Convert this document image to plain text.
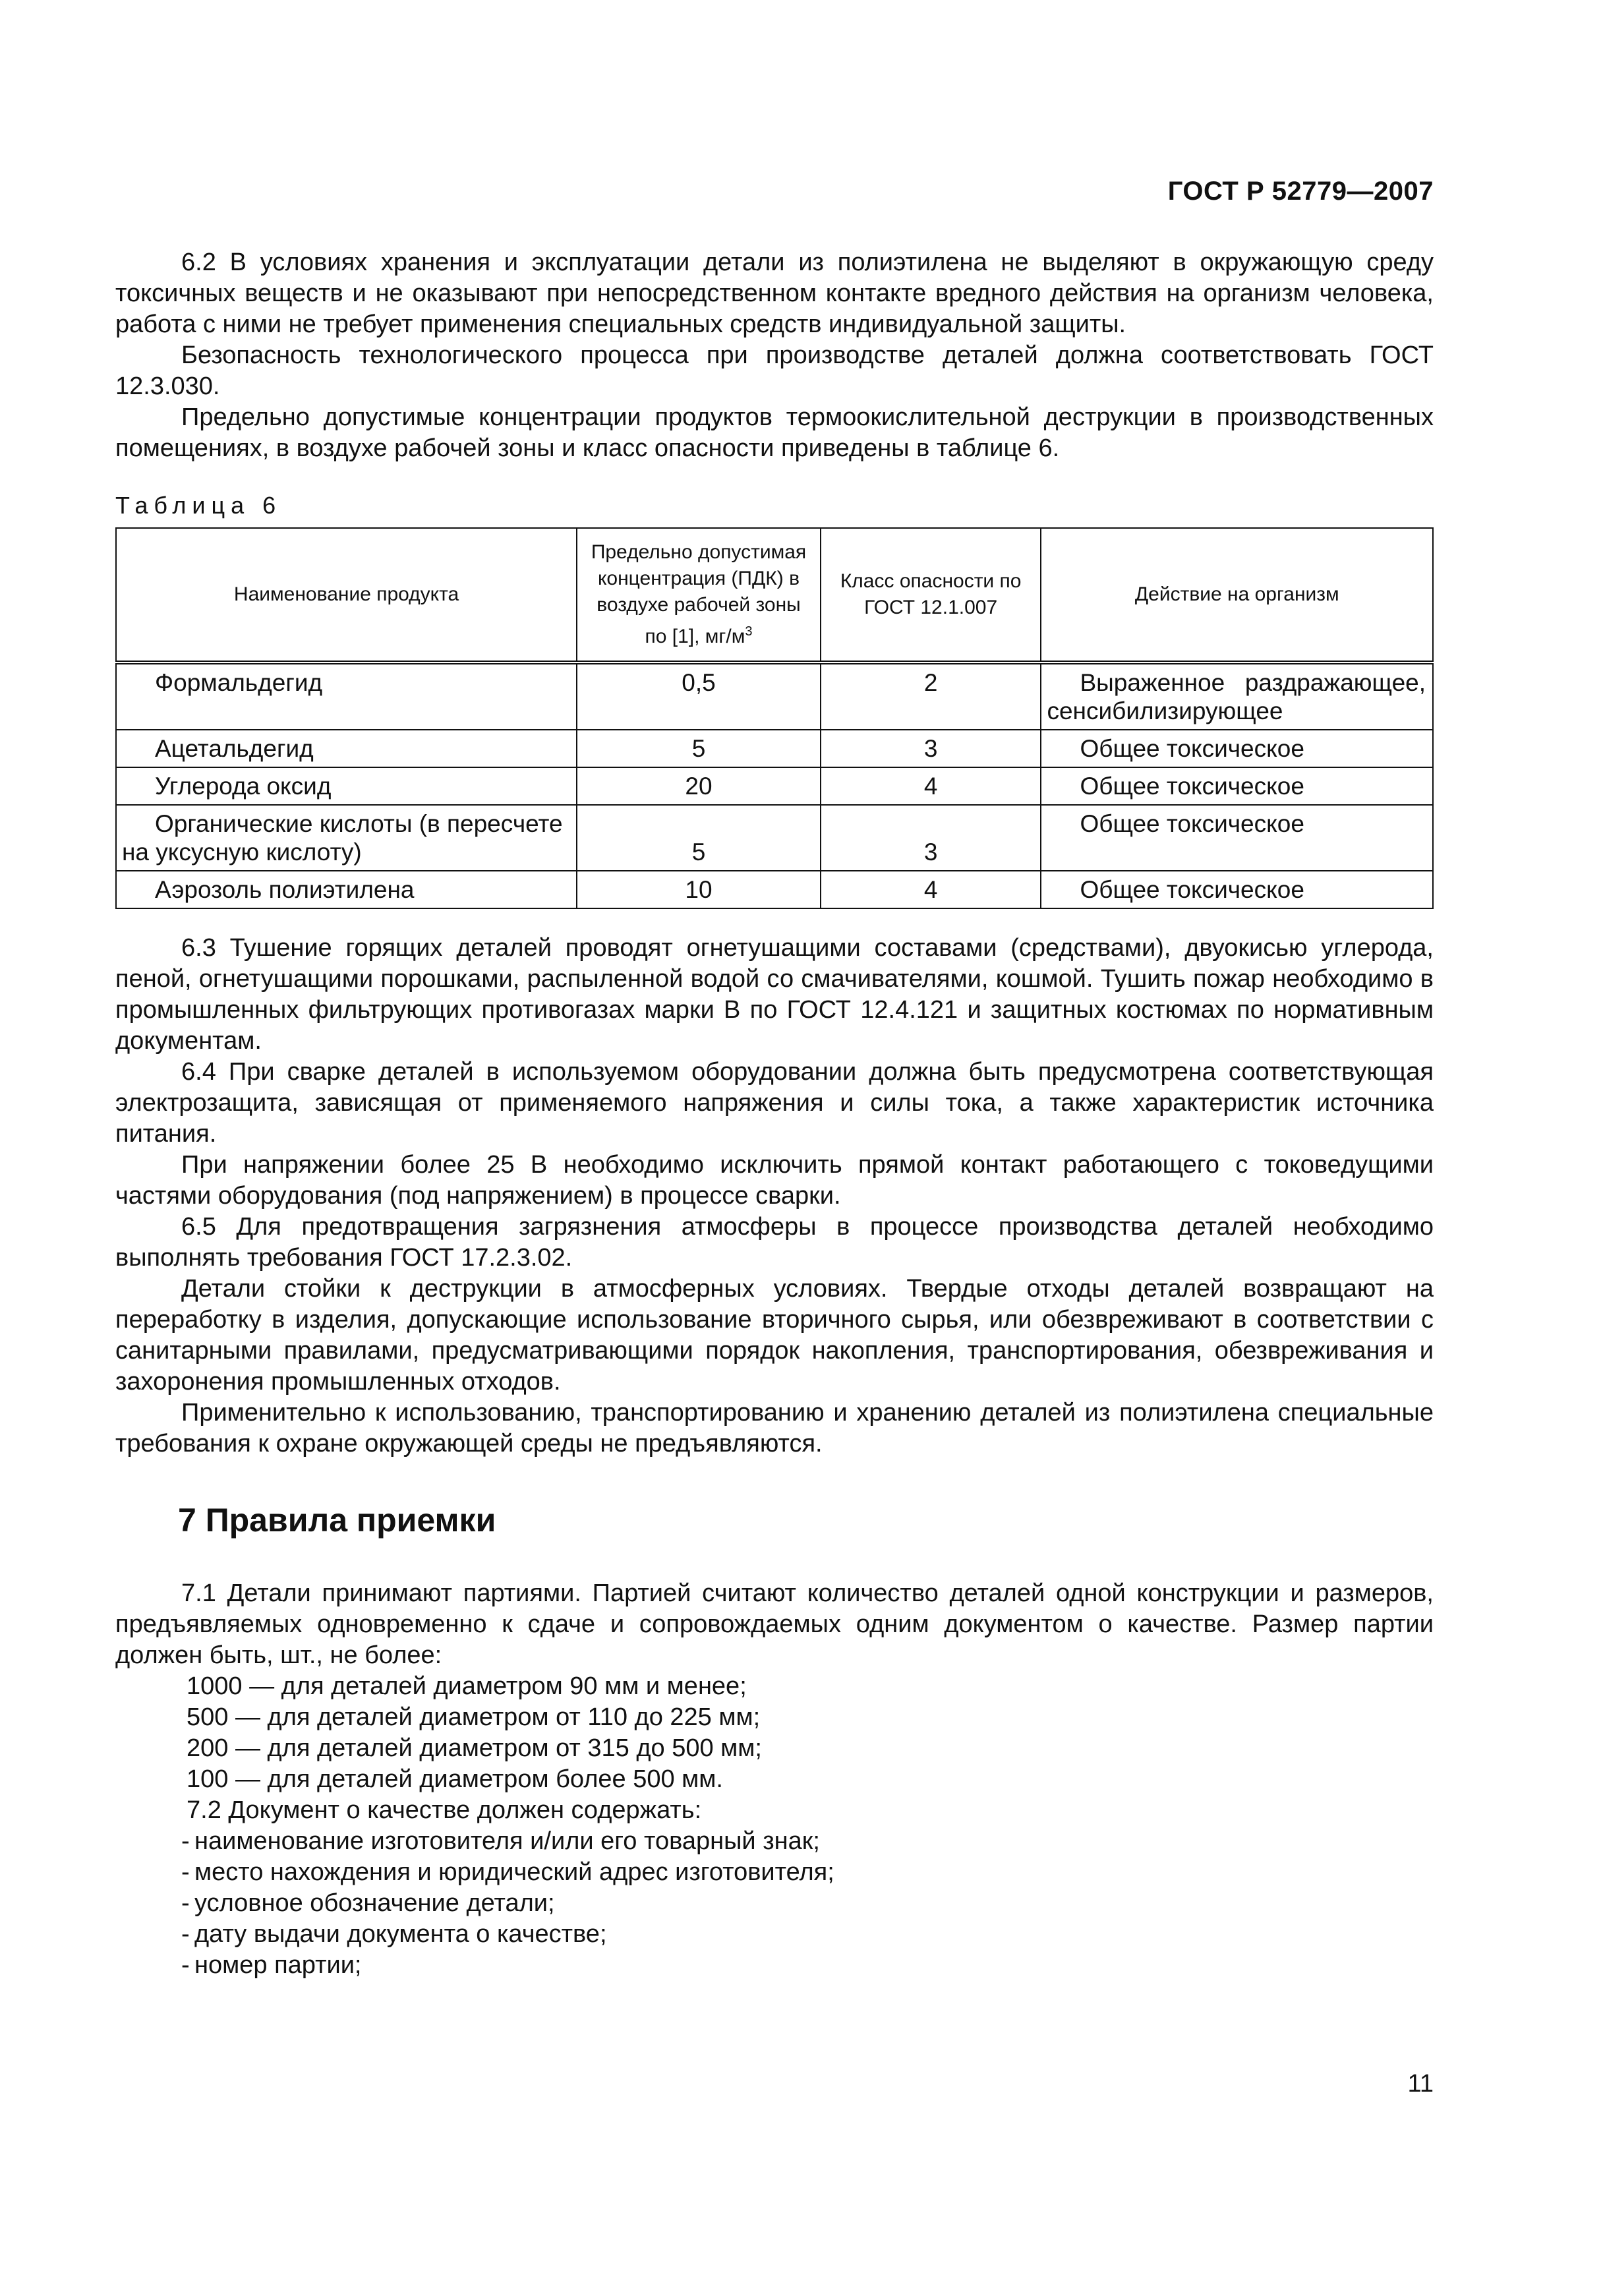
ГОСТ Р 52779—2007

6.2 В условиях хранения и эксплуатации детали из полиэтилена не выделяют в окружающую среду токсичных веществ и не оказывают при непосредственном контакте вредного действия на организм человека, работа с ними не требует применения специальных средств индивидуальной защиты.

Безопасность технологического процесса при производстве деталей должна соответствовать ГОСТ 12.3.030.

Предельно допустимые концентрации продуктов термоокислительной деструкции в производственных помещениях, в воздухе рабочей зоны и класс опасности приведены в таблице 6.

Таблица 6
Наименование продукта	Предельно допустимая концентрация (ПДК) в воздухе рабочей зоны по [1], $мг/м^3$	Класс опасности по ГОСТ 12.1.007	Действие на организм
Формальдегид	0,5	2	Выраженное раздражающее, сенсибилизирующее
Ацетальдегид	5	3	Общее токсическое
Углерода оксид	20	4	Общее токсическое
Органические кислоты (в пересчете на уксусную кислоту)	5	3	Общее токсическое
Аэрозоль полиэтилена	10	4	Общее токсическое

6.3 Тушение горящих деталей проводят огнетушащими составами (средствами), двуокисью углерода, пеной, огнетушащими порошками, распыленной водой со смачивателями, кошмой. Тушить пожар необходимо в промышленных фильтрующих противогазах марки В по ГОСТ 12.4.121 и защитных костюмах по нормативным документам.

6.4 При сварке деталей в используемом оборудовании должна быть предусмотрена соответствующая электрозащита, зависящая от применяемого напряжения и силы тока, а также характеристик источника питания.

При напряжении более 25 В необходимо исключить прямой контакт работающего с токоведущими частями оборудования (под напряжением) в процессе сварки.

6.5 Для предотвращения загрязнения атмосферы в процессе производства деталей необходимо выполнять требования ГОСТ 17.2.3.02.

Детали стойки к деструкции в атмосферных условиях. Твердые отходы деталей возвращают на переработку в изделия, допускающие использование вторичного сырья, или обезвреживают в соответствии с санитарными правилами, предусматривающими порядок накопления, транспортирования, обезвреживания и захоронения промышленных отходов.

Применительно к использованию, транспортированию и хранению деталей из полиэтилена специальные требования к охране окружающей среды не предъявляются.

7 Правила приемки

7.1 Детали принимают партиями. Партией считают количество деталей одной конструкции и размеров, предъявляемых одновременно к сдаче и сопровождаемых одним документом о качестве. Размер партии должен быть, шт., не более:

1000 — для деталей диаметром 90 мм и менее;
500 — для деталей диаметром от 110 до 225 мм;
200 — для деталей диаметром от 315 до 500 мм;
100 — для деталей диаметром более 500 мм.
7.2 Документ о качестве должен содержать:
- наименование изготовителя и/или его товарный знак;
- место нахождения и юридический адрес изготовителя;
- условное обозначение детали;
- дату выдачи документа о качестве;
- номер партии;
11
